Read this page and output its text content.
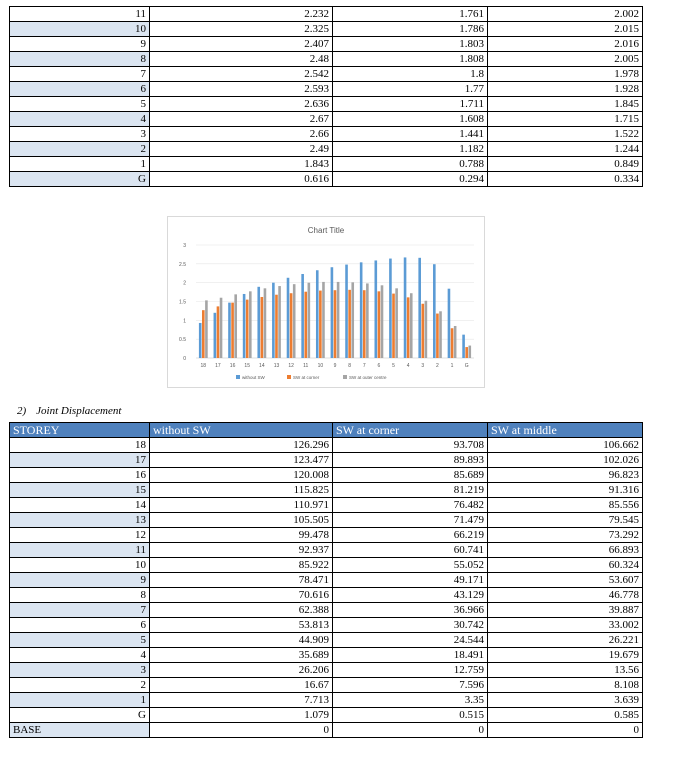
11	2.232	1.761	2.002
10	2.325	1.786	2.015
9	2.407	1.803	2.016
8	2.48	1.808	2.005
7	2.542	1.8	1.978
6	2.593	1.77	1.928
5	2.636	1.711	1.845
4	2.67	1.608	1.715
3	2.66	1.441	1.522
2	2.49	1.182	1.244
1	1.843	0.788	0.849
G	0.616	0.294	0.334
Chart Title
0
0.5
1
1.5
2
2.5
3
18 17 16 15 14 13 12 11 10 9 8 7 6 5 4 3 2 1 G
without SW	SW at corner	SW at outer centre
2) Joint Displacement
STOREY	without SW	SW at corner	SW at middle
18	126.296	93.708	106.662
17	123.477	89.893	102.026
16	120.008	85.689	96.823
15	115.825	81.219	91.316
14	110.971	76.482	85.556
13	105.505	71.479	79.545
12	99.478	66.219	73.292
11	92.937	60.741	66.893
10	85.922	55.052	60.324
9	78.471	49.171	53.607
8	70.616	43.129	46.778
7	62.388	36.966	39.887
6	53.813	30.742	33.002
5	44.909	24.544	26.221
4	35.689	18.491	19.679
3	26.206	12.759	13.56
2	16.67	7.596	8.108
1	7.713	3.35	3.639
G	1.079	0.515	0.585
BASE	0	0	0
